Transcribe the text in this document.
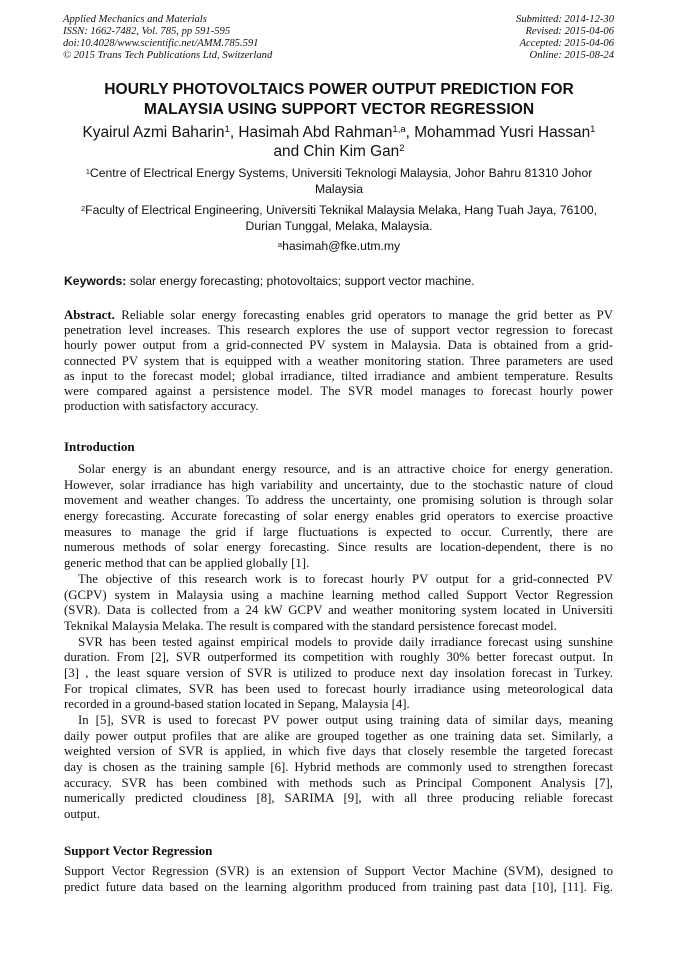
Applied Mechanics and Materials
ISSN: 1662-7482, Vol. 785, pp 591-595
doi:10.4028/www.scientific.net/AMM.785.591
© 2015 Trans Tech Publications Ltd, Switzerland
Submitted: 2014-12-30
Revised: 2015-04-06
Accepted: 2015-04-06
Online: 2015-08-24
HOURLY PHOTOVOLTAICS POWER OUTPUT PREDICTION FOR
MALAYSIA USING SUPPORT VECTOR REGRESSION
Kyairul Azmi Baharin$^1$, Hasimah Abd Rahman$^{1,a}$, Mohammad Yusri Hassan$^1$
and Chin Kim Gan$^2$
$^1$Centre of Electrical Energy Systems, Universiti Teknologi Malaysia, Johor Bahru 81310 Johor
Malaysia
$^2$Faculty of Electrical Engineering, Universiti Teknikal Malaysia Melaka, Hang Tuah Jaya, 76100,
Durian Tunggal, Melaka, Malaysia.
$^a$hasimah@fke.utm.my
Keywords: solar energy forecasting; photovoltaics; support vector machine.
Abstract. Reliable solar energy forecasting enables grid operators to manage the grid better as PV
penetration level increases. This research explores the use of support vector regression to forecast
hourly power output from a grid-connected PV system in Malaysia. Data is obtained from a grid-
connected PV system that is equipped with a weather monitoring station. Three parameters are used
as input to the forecast model; global irradiance, tilted irradiance and ambient temperature. Results
were compared against a persistence model. The SVR model manages to forecast hourly power
production with satisfactory accuracy.
Introduction
Solar energy is an abundant energy resource, and is an attractive choice for energy generation.
However, solar irradiance has high variability and uncertainty, due to the stochastic nature of cloud
movement and weather changes. To address the uncertainty, one promising solution is through solar
energy forecasting. Accurate forecasting of solar energy enables grid operators to exercise proactive
measures to manage the grid if large fluctuations is expected to occur. Currently, there are
numerous methods of solar energy forecasting. Since results are location-dependent, there is no
generic method that can be applied globally [1].
The objective of this research work is to forecast hourly PV output for a grid-connected PV
(GCPV) system in Malaysia using a machine learning method called Support Vector Regression
(SVR). Data is collected from a 24 kW GCPV and weather monitoring system located in Universiti
Teknikal Malaysia Melaka. The result is compared with the standard persistence forecast model.
SVR has been tested against empirical models to provide daily irradiance forecast using sunshine
duration. From [2], SVR outperformed its competition with roughly 30% better forecast output. In
[3] , the least square version of SVR is utilized to produce next day insolation forecast in Turkey.
For tropical climates, SVR has been used to forecast hourly irradiance using meteorological data
recorded in a ground-based station located in Sepang, Malaysia [4].
In [5], SVR is used to forecast PV power output using training data of similar days, meaning
daily power output profiles that are alike are grouped together as one training data set. Similarly, a
weighted version of SVR is applied, in which five days that closely resemble the targeted forecast
day is chosen as the training sample [6]. Hybrid methods are commonly used to strengthen forecast
accuracy. SVR has been combined with methods such as Principal Component Analysis [7],
numerically predicted cloudiness [8], SARIMA [9], with all three producing reliable forecast
output.
Support Vector Regression
Support Vector Regression (SVR) is an extension of Support Vector Machine (SVM), designed to
predict future data based on the learning algorithm produced from training past data [10], [11]. Fig.
